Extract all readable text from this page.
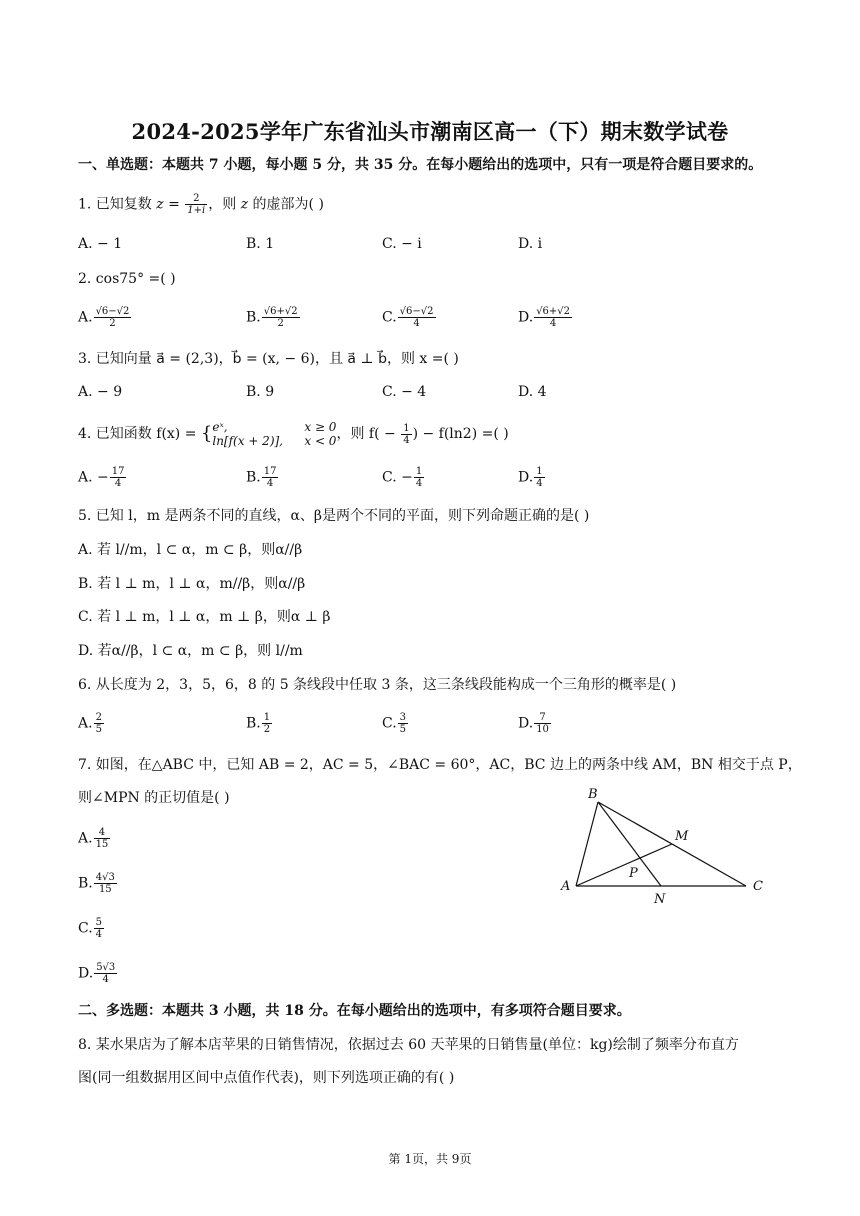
2024-2025学年广东省汕头市潮南区高一（下）期末数学试卷
一、单选题：本题共 7 小题，每小题 5 分，共 35 分。在每小题给出的选项中，只有一项是符合题目要求的。
1. 已知复数 $z = \frac{2}{1+i}$ ，则 z 的虚部为( )
A. − 1	B. 1	C. − i	D. i
2. cos75° =( )
A. $\frac{√6-√2}{2}$	B. $\frac{√6+√2}{2}$	C. $\frac{√6-√2}{4}$	D. $\frac{√6+√2}{4}$
3. 已知向量 a⃗ = (2,3)，b⃗ = (x, − 6)，且 a⃗ ⊥ b⃗，则 x =( )
A. − 9	B. 9	C. − 4	D. 4
4. 已知函数 f(x) = { eˣ,	x ≥ 0
ln[f(x + 2)], x < 0 ，则 $f( - \frac{1}{4}$ ) − f(ln2) =( )
A. − $\frac{17}{4}$	B. $\frac{17}{4}$	C. − $\frac{1}{4}$	D. $\frac{1}{4}$
5. 已知 l，m 是两条不同的直线，α、β是两个不同的平面，则下列命题正确的是( )
A. 若 l//m，l ⊂ α，m ⊂ β，则α//β
B. 若 l ⊥ m，l ⊥ α，m//β，则α//β
C. 若 l ⊥ m，l ⊥ α，m ⊥ β，则α ⊥ β
D. 若α//β，l ⊂ α，m ⊂ β，则 l//m
6. 从长度为 2，3，5，6，8 的 5 条线段中任取 3 条，这三条线段能构成一个三角形的概率是( )
A. $\frac{2}{5}$	B. $\frac{1}{2}$	C. $\frac{3}{5}$	D. $\frac{7}{10}$
7. 如图，在△ABC 中，已知 AB = 2，AC = 5，∠BAC = 60°，AC，BC 边上的两条中线 AM，BN 相交于点 P，
则∠MPN 的正切值是( )
A. $\frac{4}{15}$
B. $\frac{4√3}{15}$
C. $\frac{5}{4}$
D. $\frac{5√3}{4}$
B
M
P
A
N
C
二、多选题：本题共 3 小题，共 18 分。在每小题给出的选项中，有多项符合题目要求。
8. 某水果店为了解本店苹果的日销售情况，依据过去 60 天苹果的日销售量(单位：kg)绘制了频率分布直方
图(同一组数据用区间中点值作代表)，则下列选项正确的有( )
第 1页，共 9页
